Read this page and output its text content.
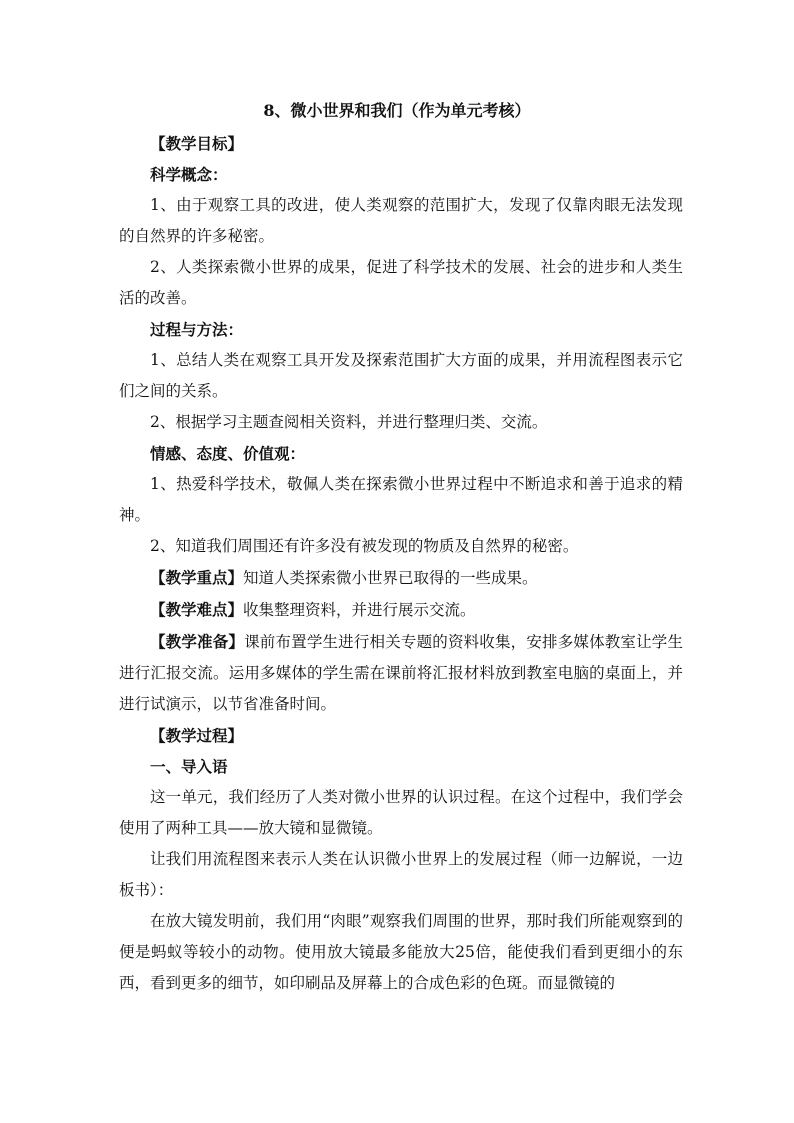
8、微小世界和我们（作为单元考核）

【教学目标】

科学概念：

1、由于观察工具的改进，使人类观察的范围扩大，发现了仅靠肉眼无法发现的自然界的许多秘密。

2、人类探索微小世界的成果，促进了科学技术的发展、社会的进步和人类生活的改善。

过程与方法：

1、总结人类在观察工具开发及探索范围扩大方面的成果，并用流程图表示它们之间的关系。

2、根据学习主题查阅相关资料，并进行整理归类、交流。

情感、态度、价值观：

1、热爱科学技术，敬佩人类在探索微小世界过程中不断追求和善于追求的精神。

2、知道我们周围还有许多没有被发现的物质及自然界的秘密。

【教学重点】知道人类探索微小世界已取得的一些成果。

【教学难点】收集整理资料，并进行展示交流。

【教学准备】课前布置学生进行相关专题的资料收集，安排多媒体教室让学生进行汇报交流。运用多媒体的学生需在课前将汇报材料放到教室电脑的桌面上，并进行试演示，以节省准备时间。

【教学过程】

一、导入语

这一单元，我们经历了人类对微小世界的认识过程。在这个过程中，我们学会使用了两种工具——放大镜和显微镜。

让我们用流程图来表示人类在认识微小世界上的发展过程（师一边解说，一边板书）：

在放大镜发明前，我们用“肉眼”观察我们周围的世界，那时我们所能观察到的便是蚂蚁等较小的动物。使用放大镜最多能放大25倍，能使我们看到更细小的东西，看到更多的细节，如印刷品及屏幕上的合成色彩的色斑。而显微镜的
